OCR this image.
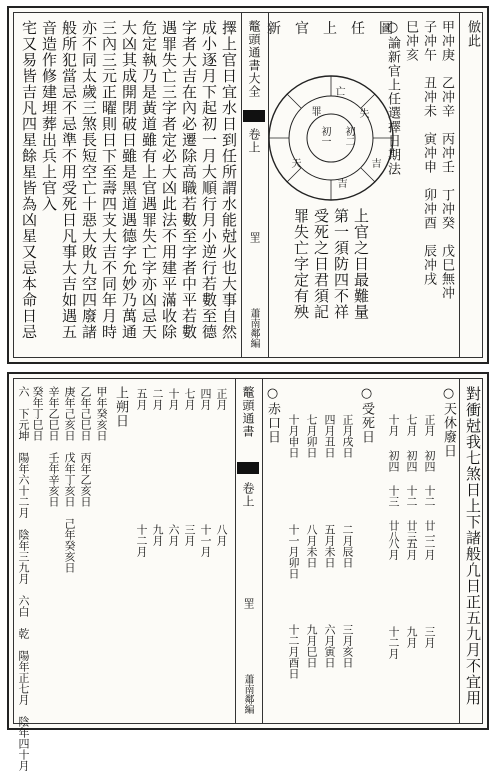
倣此
甲冲庚　乙冲辛　丙冲壬　丁冲癸　戊巳無冲
子冲午　丑冲未　寅冲申　卯冲酉　辰冲戌
巳冲亥
○論新官上任選擇日期法
上官之日最難量
第一須防四不祥
受死之日君須記
罪失亡字定有殃
新官上任圖
罪
亡
失
吉
天	吉
初一 初二
鼇頭通書大全
卷上
罜
蕭南鄰編
擇上官日宜水日到任所謂水能尅火也大事自然
成小逐月下起初一月大順行月小逆行若數至德
字者大吉在內必遷除高職若數至字者中平若數
遇罪失亡三字者定必大凶此法不用建平滿收除
危定執乃是黃道雖有上官遇罪失亡字亦凶忌天
大凶其成開閉破日雖是黑道遇德字允妙乃萬通
三內三元正曜則日下至壽四支大吉不同年月時
亦不同太歲三煞長短空亡十惡大敗九空四廢諸
般所犯當忌不忌準不用受死日凡事大吉如遇五
音造作修建埋葬出兵上官入
宅又易皆吉凡四星餘星皆為凶星又忌本命日忌
對衝尅我七煞日上下諸般凢日正五九月不宜用
○天休廢日
正月
初四 十二 廿一
七月
初四 十二 廿三
十月
初四 十三 廿八
二月
五月
八月
三月
九月
十二月
○受死日
正月戌日
四月丑日
七月卯日
十月申日
二月辰日
五月未日
八月未日
十一月卯日
三月亥日
六月寅日
九月巳日
十二月酉日
○赤口日
鼇頭通書
卷上
罜
蕭南鄰編
正月
四月
七月
十月
二月
五月
八月
十一月
三月
六月
九月
十二月
上朔日
甲年癸亥日
乙年己巳日　丙年乙亥日
庚年己亥日　戊年丁亥日　己年癸亥日
辛年乙巳日　壬年辛亥日
癸年丁巳日
六　下元坤　陽年六十二月　陰年三九月　六白　乾　陽年正七月　陰年四十月
